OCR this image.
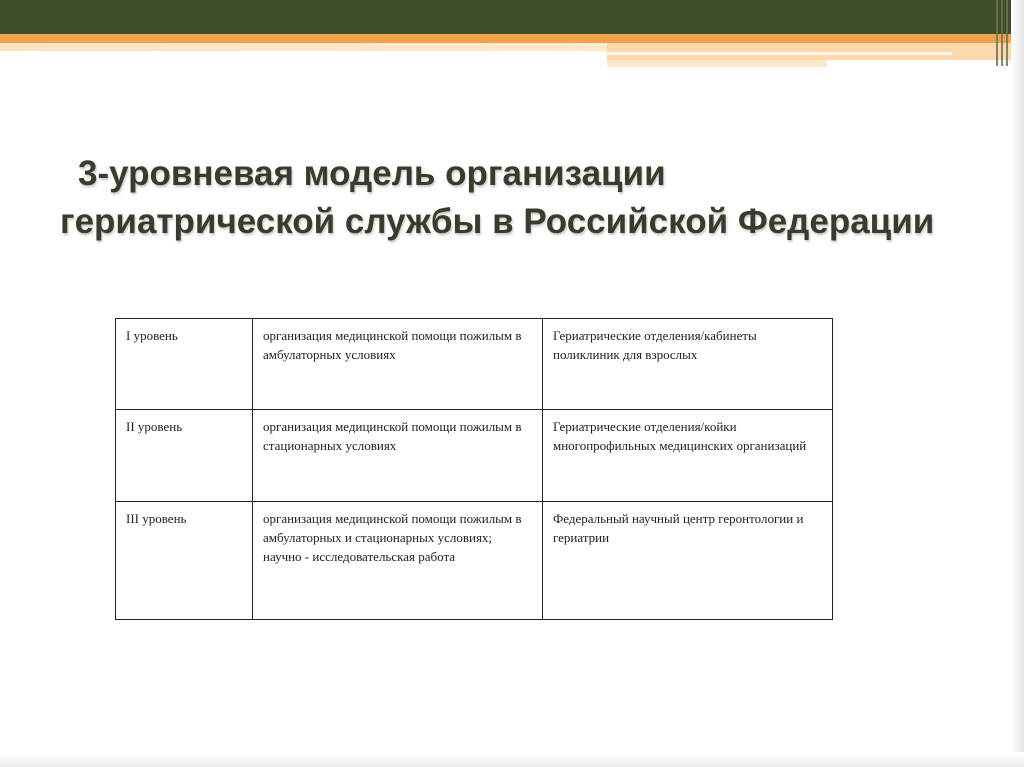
3-уровневая модель организации
гериатрической службы в Российской Федерации
I уровень	организация медицинской помощи пожилым в амбулаторных условиях	Гериатрические отделения/кабинеты поликлиник для взрослых
II уровень	организация медицинской помощи пожилым в стационарных условиях	Гериатрические отделения/койки многопрофильных медицинских организаций
III уровень	организация медицинской помощи пожилым в амбулаторных и стационарных условиях; научно - исследовательская работа	Федеральный научный центр геронтологии и гериатрии
